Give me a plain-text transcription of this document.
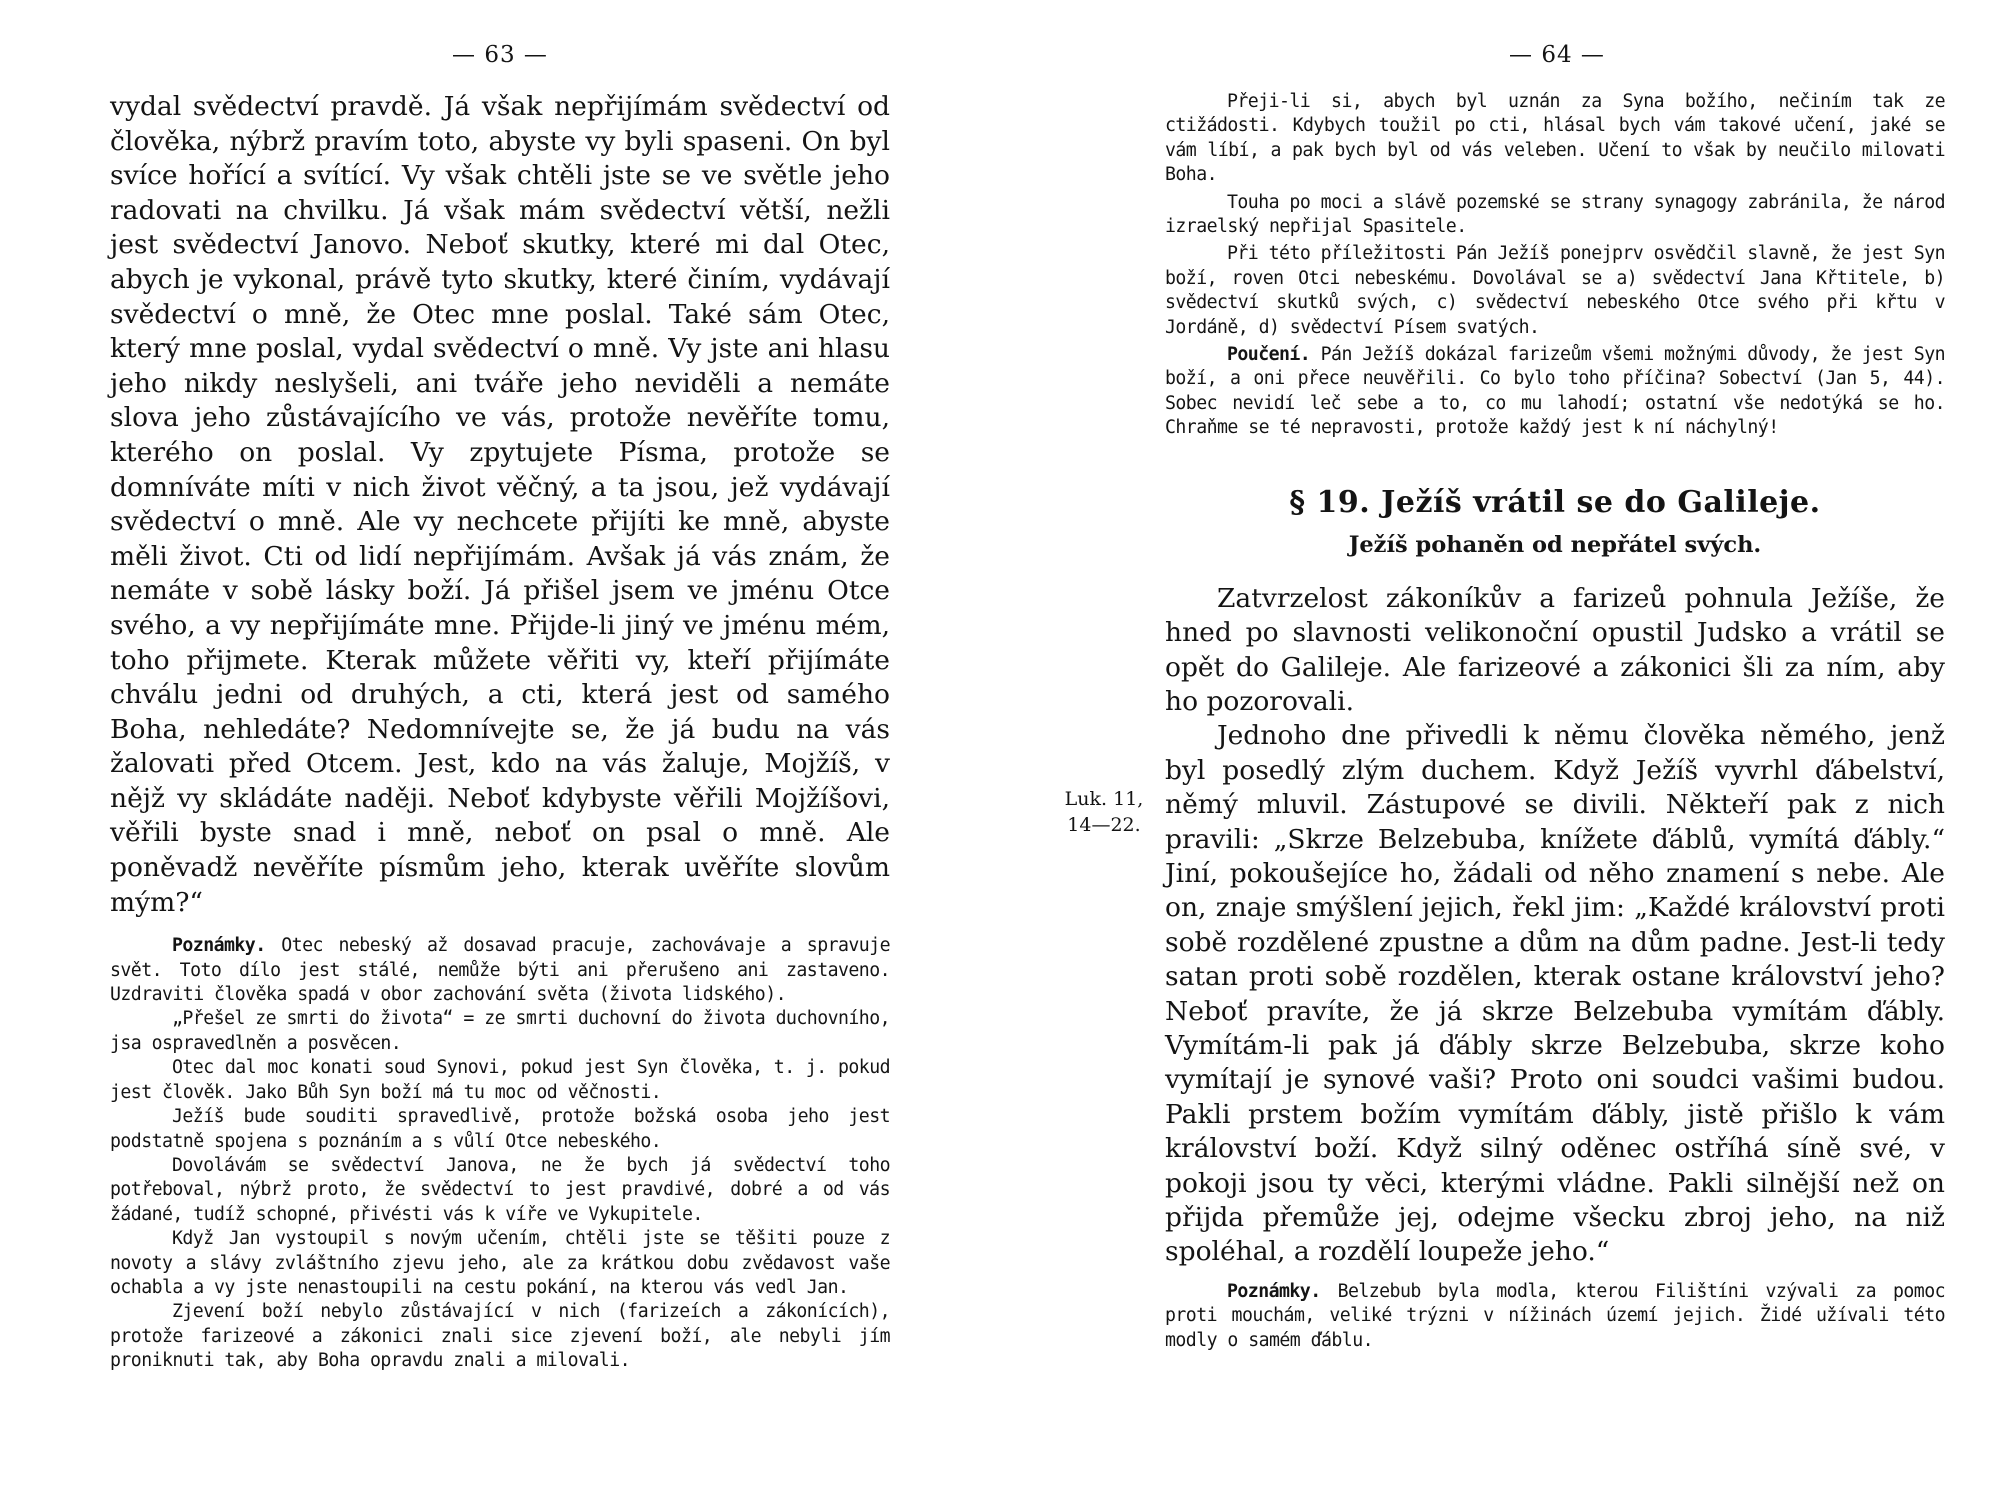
— 63 —

vydal svědectví pravdě. Já však nepřijímám svědectví od člověka, nýbrž pravím toto, abyste vy byli spaseni. On byl svíce hořící a svítící. Vy však chtěli jste se ve světle jeho radovati na chvilku. Já však mám svědectví větší, nežli jest svědectví Janovo. Neboť skutky, které mi dal Otec, abych je vykonal, právě tyto skutky, které činím, vydávají svědectví o mně, že Otec mne poslal. Také sám Otec, který mne poslal, vydal svědectví o mně. Vy jste ani hlasu jeho nikdy neslyšeli, ani tváře jeho neviděli a nemáte slova jeho zůstávajícího ve vás, protože nevěříte tomu, kterého on poslal. Vy zpytujete Písma, protože se domníváte míti v nich život věčný, a ta jsou, jež vydávají svědectví o mně. Ale vy nechcete přijíti ke mně, abyste měli život. Cti od lidí nepřijímám. Avšak já vás znám, že nemáte v sobě lásky boží. Já přišel jsem ve jménu Otce svého, a vy nepřijímáte mne. Přijde-li jiný ve jménu mém, toho přijmete. Kterak můžete věřiti vy, kteří přijímáte chválu jedni od druhých, a cti, která jest od samého Boha, nehledáte? Nedomnívejte se, že já budu na vás žalovati před Otcem. Jest, kdo na vás žaluje, Mojžíš, v nějž vy skládáte naději. Neboť kdybyste věřili Mojžíšovi, věřili byste snad i mně, neboť on psal o mně. Ale poněvadž nevěříte písmům jeho, kterak uvěříte slovům mým?“

Poznámky. Otec nebeský až dosavad pracuje, zachovávaje a spravuje svět. Toto dílo jest stálé, nemůže býti ani přerušeno ani zastaveno. Uzdraviti člověka spadá v obor zachování světa (života lidského).

„Přešel ze smrti do života“ = ze smrti duchovní do života duchovního, jsa ospravedlněn a posvěcen.

Otec dal moc konati soud Synovi, pokud jest Syn člověka, t. j. pokud jest člověk. Jako Bůh Syn boží má tu moc od věčnosti.

Ježíš bude souditi spravedlivě, protože božská osoba jeho jest podstatně spojena s poznáním a s vůlí Otce nebeského.

Dovolávám se svědectví Janova, ne že bych já svědectví toho potřeboval, nýbrž proto, že svědectví to jest pravdivé, dobré a od vás žádané, tudíž schopné, přivésti vás k víře ve Vykupitele.

Když Jan vystoupil s novým učením, chtěli jste se těšiti pouze z novoty a slávy zvláštního zjevu jeho, ale za krátkou dobu zvědavost vaše ochabla a vy jste nenastoupili na cestu pokání, na kterou vás vedl Jan.

Zjevení boží nebylo zůstávající v nich (farizeích a zákonících), protože farizeové a zákonici znali sice zjevení boží, ale nebyli jím proniknuti tak, aby Boha opravdu znali a milovali.

— 64 —
Luk. 11,
14—22.

Přeji-li si, abych byl uznán za Syna božího, nečiním tak ze ctižádosti. Kdybych toužil po cti, hlásal bych vám takové učení, jaké se vám líbí, a pak bych byl od vás veleben. Učení to však by neučilo milovati Boha.

Touha po moci a slávě pozemské se strany synagogy zabránila, že národ izraelský nepřijal Spasitele.

Při této příležitosti Pán Ježíš ponejprv osvědčil slavně, že jest Syn boží, roven Otci nebeskému. Dovolával se a) svědectví Jana Křtitele, b) svědectví skutků svých, c) svědectví nebeského Otce svého při křtu v Jordáně, d) svědectví Písem svatých.

Poučení. Pán Ježíš dokázal farizeům všemi možnými důvody, že jest Syn boží, a oni přece neuvěřili. Co bylo toho příčina? Sobectví (Jan 5, 44). Sobec nevidí leč sebe a to, co mu lahodí; ostatní vše nedotýká se ho. Chraňme se té nepravosti, protože každý jest k ní náchylný!

§ 19. Ježíš vrátil se do Galileje.
Ježíš pohaněn od nepřátel svých.

Zatvrzelost zákoníkův a farizeů pohnula Ježíše, že hned po slavnosti velikonoční opustil Judsko a vrátil se opět do Galileje. Ale farizeové a zákonici šli za ním, aby ho pozorovali.

Jednoho dne přivedli k němu člověka němého, jenž byl posedlý zlým duchem. Když Ježíš vyvrhl ďábelství, němý mluvil. Zástupové se divili. Někteří pak z nich pravili: „Skrze Belzebuba, knížete ďáblů, vymítá ďábly.“ Jiní, pokoušejíce ho, žádali od něho znamení s nebe. Ale on, znaje smýšlení jejich, řekl jim: „Každé království proti sobě rozdělené zpustne a dům na dům padne. Jest-li tedy satan proti sobě rozdělen, kterak ostane království jeho? Neboť pravíte, že já skrze Belzebuba vymítám ďábly. Vymítám-li pak já ďábly skrze Belzebuba, skrze koho vymítají je synové vaši? Proto oni soudci vašimi budou. Pakli prstem božím vymítám ďábly, jistě přišlo k vám království boží. Když silný oděnec ostříhá síně své, v pokoji jsou ty věci, kterými vládne. Pakli silnější než on přijda přemůže jej, odejme všecku zbroj jeho, na niž spoléhal, a rozdělí loupeže jeho.“

Poznámky. Belzebub byla modla, kterou Filištíni vzývali za pomoc proti mouchám, veliké trýzni v nížinách území jejich. Židé užívali této modly o samém ďáblu.
